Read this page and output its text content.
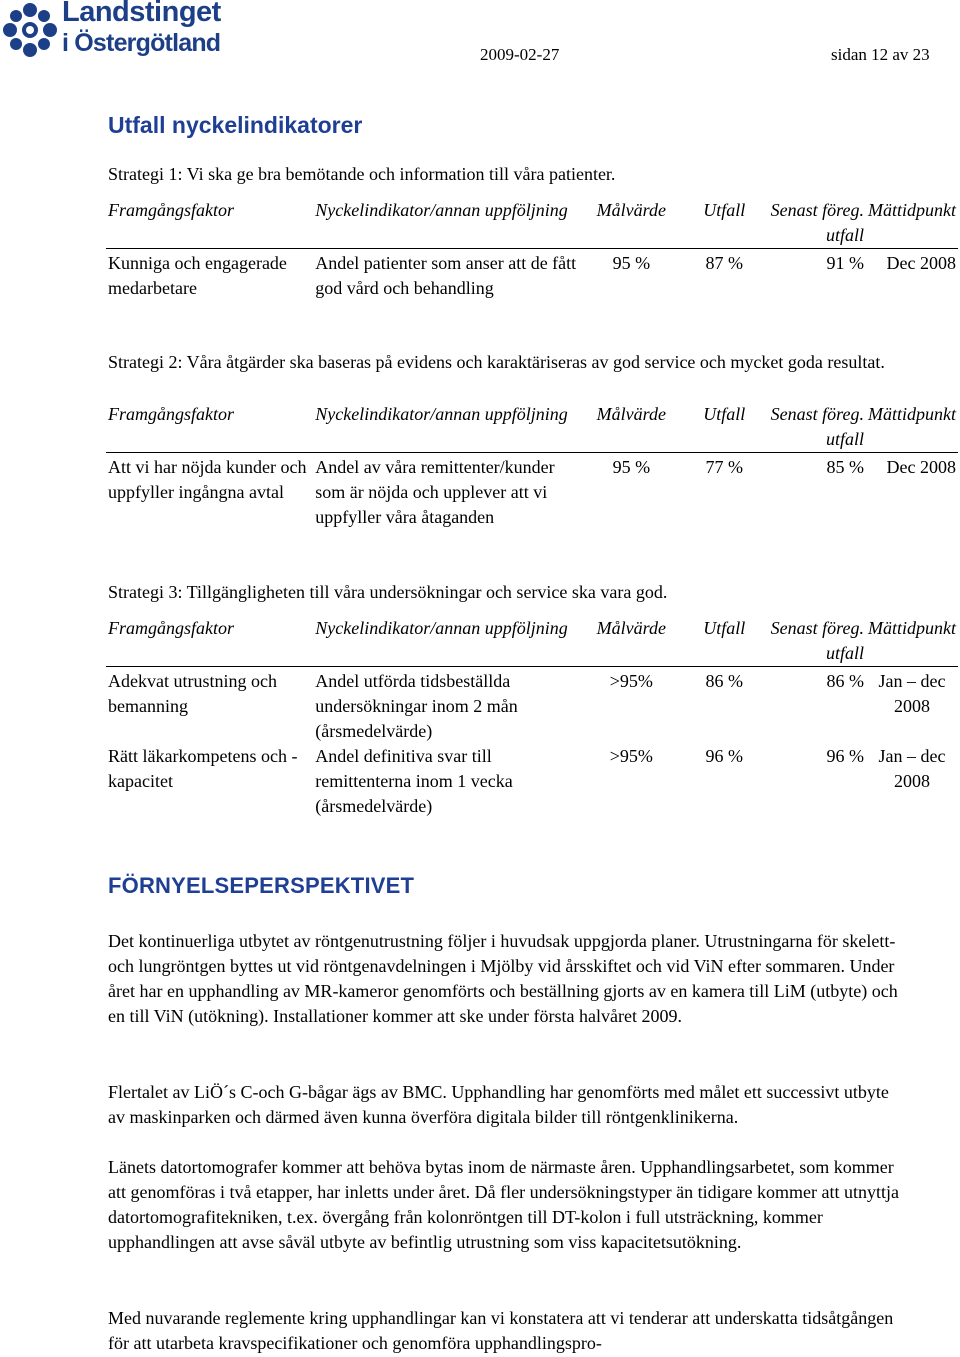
Landstinget
i Östergötland	2009-02-27	sidan 12 av 23
Utfall nyckelindikatorer
Strategi 1: Vi ska ge bra bemötande och information till våra patienter.
Framgångsfaktor	Nyckelindikator/annan uppföljning	Målvärde	Utfall	Senast föreg. utfall	Mättidpunkt
Kunniga och engagerade medarbetare	Andel patienter som anser att de fått god vård och behandling	95 %	87 %	91 %	Dec 2008
Strategi 2: Våra åtgärder ska baseras på evidens och karaktäriseras av god service och mycket goda resultat.
Framgångsfaktor	Nyckelindikator/annan uppföljning	Målvärde	Utfall	Senast föreg. utfall	Mättidpunkt
Att vi har nöjda kunder och uppfyller ingångna avtal	Andel av våra remittenter/kunder som är nöjda och upplever att vi uppfyller våra åtaganden	95 %	77 %	85 %	Dec 2008
Strategi 3: Tillgängligheten till våra undersökningar och service ska vara god.
Framgångsfaktor	Nyckelindikator/annan uppföljning	Målvärde	Utfall	Senast föreg. utfall	Mättidpunkt
Adekvat utrustning och bemanning	Andel utförda tidsbeställda undersökningar inom 2 mån (årsmedelvärde)	>95%	86 %	86 %	Jan – dec 2008
Rätt läkarkompetens och -kapacitet	Andel definitiva svar till remittenterna inom 1 vecka (årsmedelvärde)	>95%	96 %	96 %	Jan – dec 2008
FÖRNYELSEPERSPEKTIVET

Det kontinuerliga utbytet av röntgenutrustning följer i huvudsak uppgjorda planer. Utrustningarna för skelett- och lungröntgen byttes ut vid röntgenavdelningen i Mjölby vid årsskiftet och vid ViN efter sommaren. Under året har en upphandling av MR-kameror genomförts och beställning gjorts av en kamera till LiM (utbyte) och en till ViN (utökning). Installationer kommer att ske under första halvåret 2009.

Flertalet av LiÖ´s C-och G-bågar ägs av BMC. Upphandling har genomförts med målet ett successivt utbyte av maskinparken och därmed även kunna överföra digitala bilder till röntgenklinikerna.

Länets datortomografer kommer att behöva bytas inom de närmaste åren. Upphandlingsarbetet, som kommer att genomföras i två etapper, har inletts under året. Då fler undersökningstyper än tidigare kommer att utnyttja datortomografitekniken, t.ex. övergång från kolonröntgen till DT-kolon i full utsträckning, kommer upphandlingen att avse såväl utbyte av befintlig utrustning som viss kapacitetsutökning.

Med nuvarande reglemente kring upphandlingar kan vi konstatera att vi tenderar att underskatta tidsåtgången för att utarbeta kravspecifikationer och genomföra upphandlingspro-
